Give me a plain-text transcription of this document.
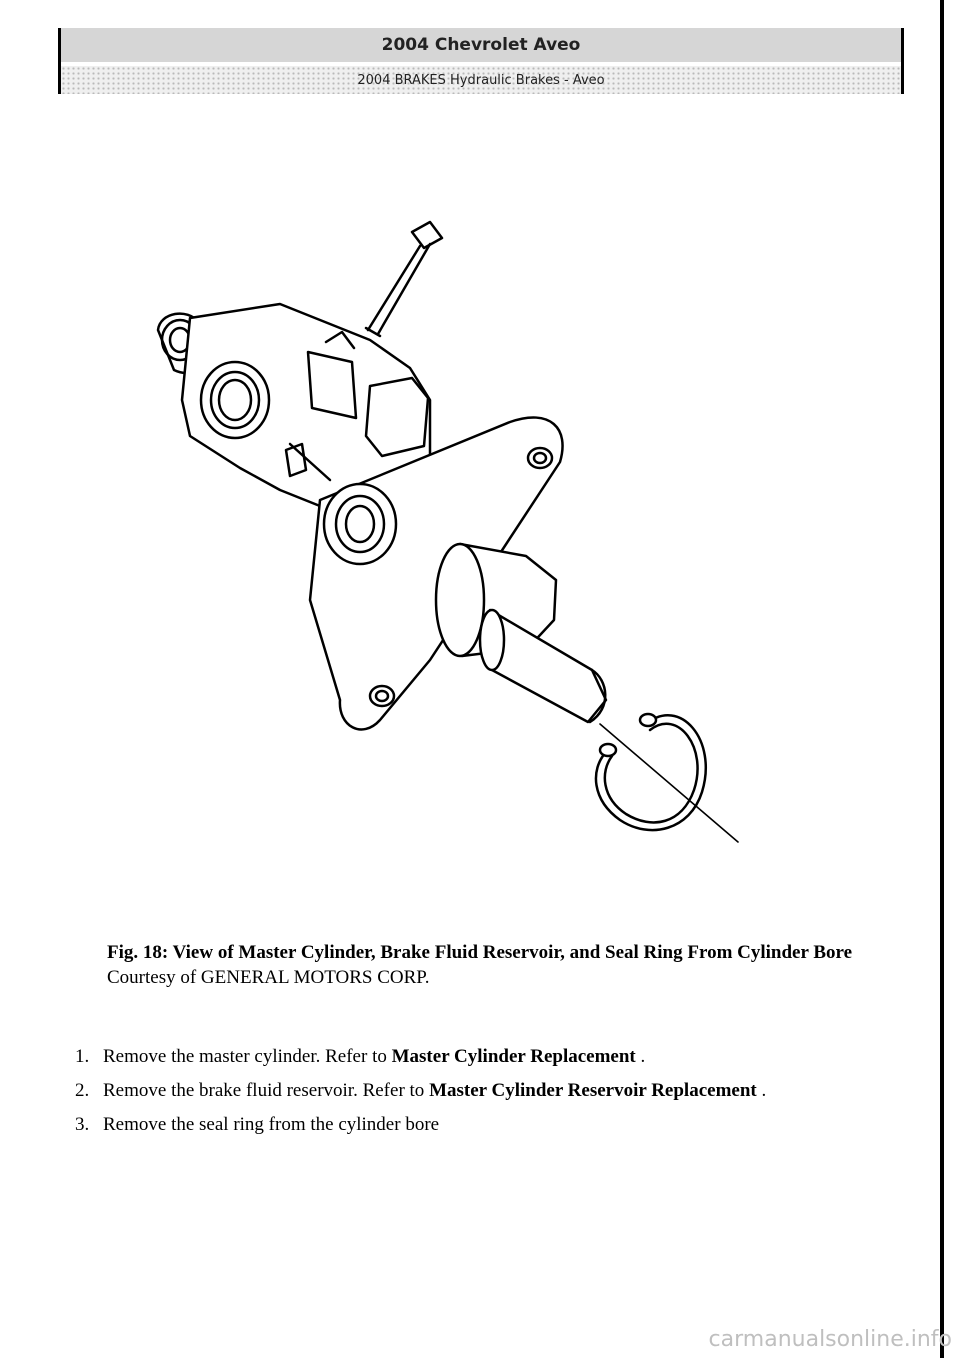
2004 Chevrolet Aveo
2004 BRAKES Hydraulic Brakes - Aveo
Fig. 18: View of Master Cylinder, Brake Fluid Reservoir, and Seal Ring From Cylinder Bore
Courtesy of GENERAL MOTORS CORP.
1. Remove the master cylinder. Refer to Master Cylinder Replacement .
2. Remove the brake fluid reservoir. Refer to Master Cylinder Reservoir Replacement .
3. Remove the seal ring from the cylinder bore
carmanualsonline.info
